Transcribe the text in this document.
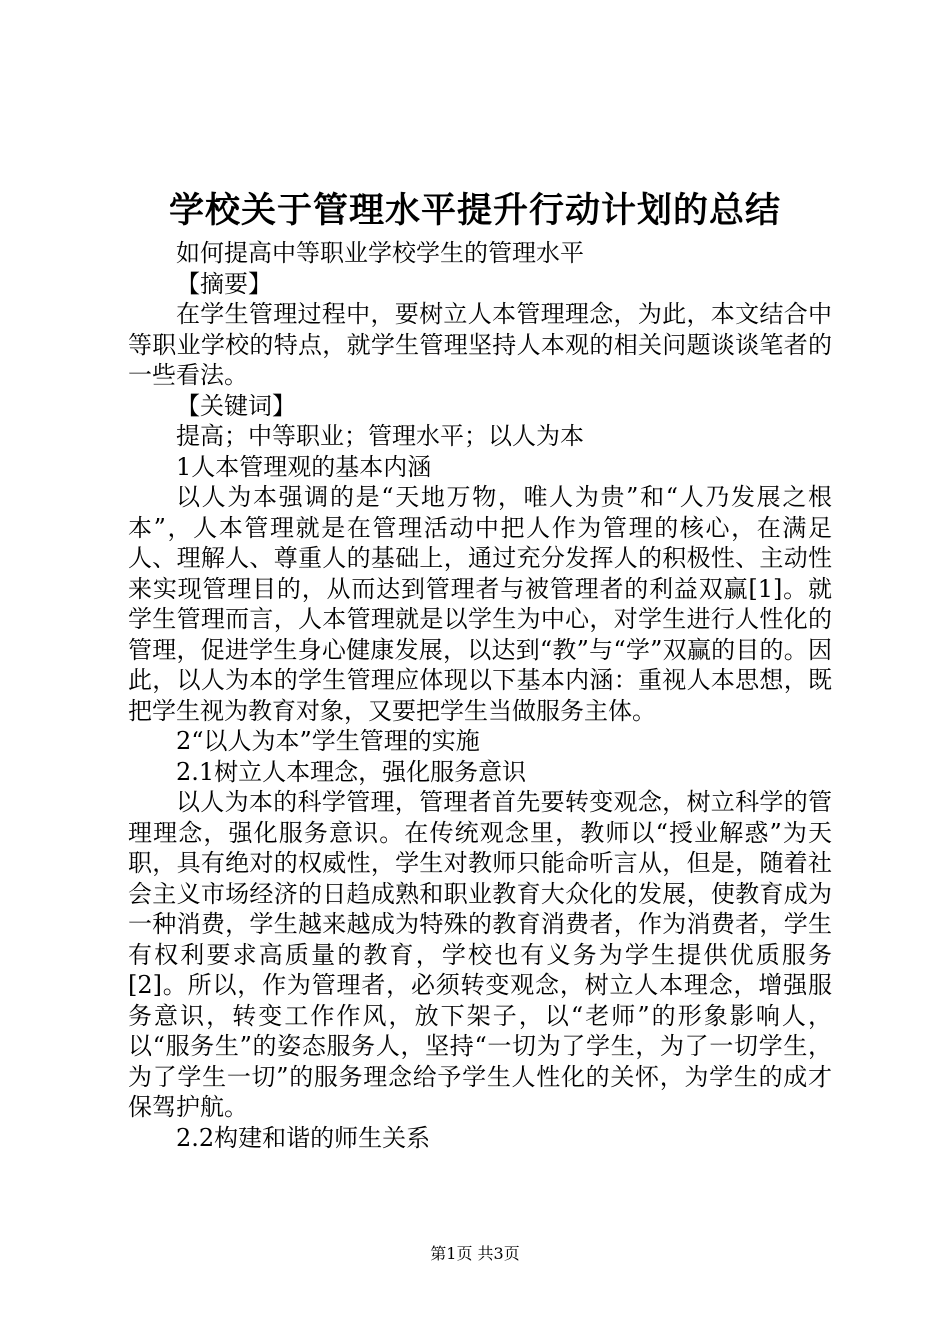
学校关于管理水平提升行动计划的总结

如何提高中等职业学校学生的管理水平

【摘要】

在学生管理过程中，要树立人本管理理念，为此，本文结合中等职业学校的特点，就学生管理坚持人本观的相关问题谈谈笔者的一些看法。

【关键词】

提高；中等职业；管理水平；以人为本

1人本管理观的基本内涵

以人为本强调的是“天地万物，唯人为贵”和“人乃发展之根本”，人本管理就是在管理活动中把人作为管理的核心，在满足人、理解人、尊重人的基础上，通过充分发挥人的积极性、主动性来实现管理目的，从而达到管理者与被管理者的利益双赢[1]。就学生管理而言，人本管理就是以学生为中心，对学生进行人性化的管理，促进学生身心健康发展，以达到“教”与“学”双赢的目的。因此，以人为本的学生管理应体现以下基本内涵：重视人本思想，既把学生视为教育对象，又要把学生当做服务主体。

2“以人为本”学生管理的实施

2.1树立人本理念，强化服务意识

以人为本的科学管理，管理者首先要转变观念，树立科学的管理理念，强化服务意识。在传统观念里，教师以“授业解惑”为天职，具有绝对的权威性，学生对教师只能命听言从，但是，随着社会主义市场经济的日趋成熟和职业教育大众化的发展，使教育成为一种消费，学生越来越成为特殊的教育消费者，作为消费者，学生有权利要求高质量的教育，学校也有义务为学生提供优质服务[2]。所以，作为管理者，必须转变观念，树立人本理念，增强服务意识，转变工作作风，放下架子，以“老师”的形象影响人，以“服务生”的姿态服务人，坚持“一切为了学生，为了一切学生，为了学生一切”的服务理念给予学生人性化的关怀，为学生的成才保驾护航。

2.2构建和谐的师生关系

第1页 共3页
